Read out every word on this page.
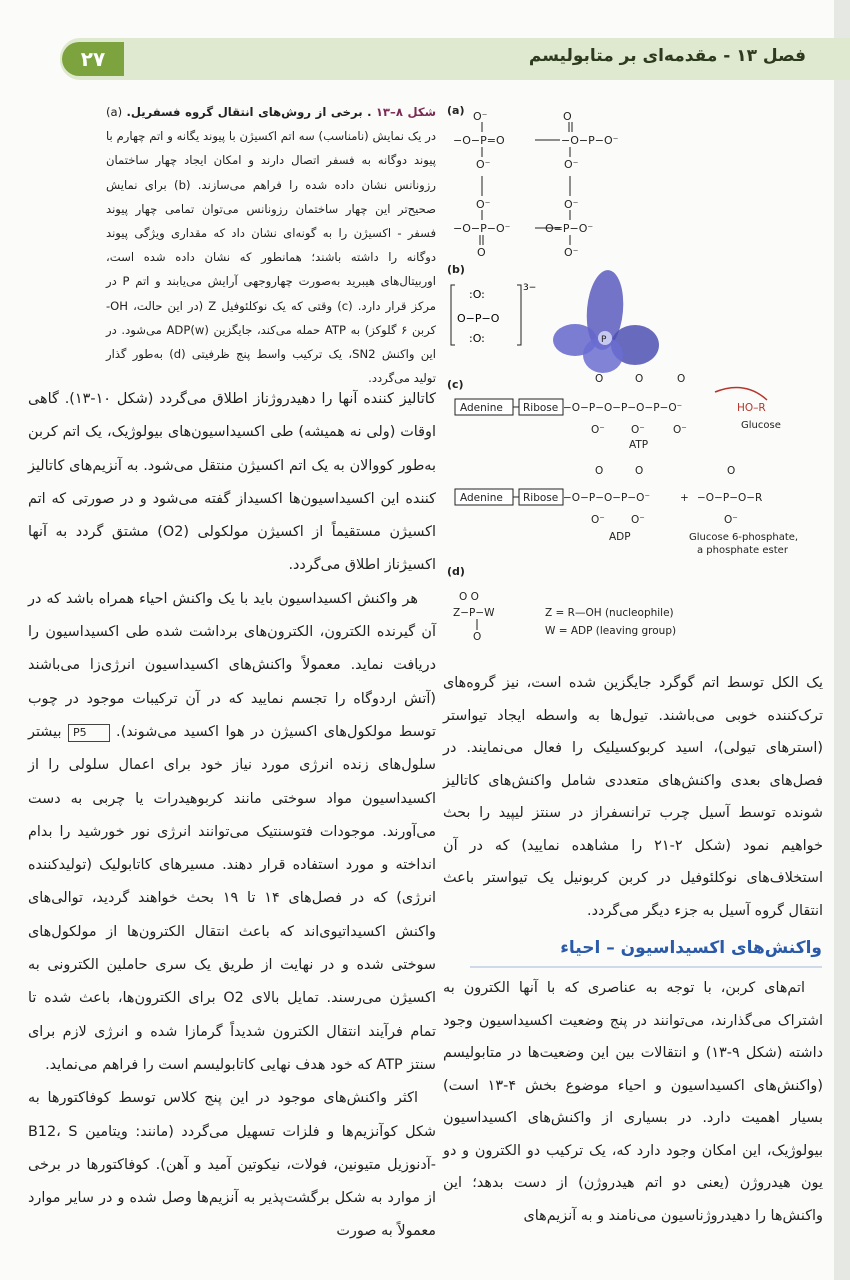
۲۷	فصل ۱۳ - مقدمه‌ای بر متابولیسم
شکل ۸–۱۳ . برخی از روش‌های انتقال گروه فسفریل. (a) در یک نمایش (نامناسب) سه اتم اکسیژن با پیوند یگانه و اتم چهارم با پیوند دوگانه به فسفر اتصال دارند و امکان ایجاد چهار ساختمان رزونانس نشان داده شده را فراهم می‌سازند. (b) برای نمایش صحیح‌تر این چهار ساختمان رزونانس می‌توان تمامی چهار پیوند فسفر - اکسیژن را به گونه‌ای نشان داد که مقداری ویژگی پیوند دوگانه را داشته باشند؛ همانطور که نشان داده شده است، اوربیتال‌های هیبرید به‌صورت چهاروجهی آرایش می‌یابند و اتم P در مرکز قرار دارد. (c) وقتی که یک نوکلئوفیل Z (در این حالت، ‎-OH‏ کربن ۶ گلوکز) به ATP حمله می‌کند، جایگزین ADP(w) می‌شود. در این واکنش SN2، یک ترکیب واسط پنج ظرفیتی (d) به‌طور گذار تولید می‌گردد.

کاتالیز کننده آنها را دهیدروژناز اطلاق می‌گردد (شکل ۱۰-۱۳). گاهی اوقات (ولی نه همیشه) طی اکسیداسیون‌های بیولوژیک، یک اتم کربن به‌طور کووالان به یک اتم اکسیژن منتقل می‌شود. به آنزیم‌های کاتالیز کننده این اکسیداسیون‌ها اکسیداز گفته می‌شود و در صورتی که اتم اکسیژن مستقیماً از اکسیژن مولکولی (O2) مشتق گردد به آنها اکسیژناز اطلاق می‌گردد.

هر واکنش اکسیداسیون باید با یک واکنش احیاء همراه باشد که در آن گیرنده الکترون، الکترون‌های برداشت شده طی اکسیداسیون را دریافت نماید. معمولاً واکنش‌های اکسیداسیون انرژی‌زا می‌باشند (آتش اردوگاه را تجسم نمایید که در آن ترکیبات موجود در چوب توسط مولکول‌های اکسیژن در هوا اکسید می‌شوند). P5 بیشتر سلول‌های زنده انرژی مورد نیاز خود برای اعمال سلولی را از اکسیداسیون مواد سوختی مانند کربوهیدرات یا چربی به دست می‌آورند. موجودات فتوسنتیک می‌توانند انرژی نور خورشید را بدام انداخته و مورد استفاده قرار دهند. مسیرهای کاتابولیک (تولیدکننده انرژی) که در فصل‌های ۱۴ تا ۱۹ بحث خواهند گردید، توالی‌های واکنش اکسیداتیوی‌اند که باعث انتقال الکترون‌ها از مولکول‌های سوختی شده و در نهایت از طریق یک سری حاملین الکترونی به اکسیژن می‌رسند. تمایل بالای O2 برای الکترون‌ها، باعث شده تا تمام فرآیند انتقال الکترون شدیداً گرمازا شده و انرژی لازم برای سنتز ATP که خود هدف نهایی کاتابولیسم است را فراهم می‌نماید.

اکثر واکنش‌های موجود در این پنج کلاس توسط کوفاکتورها به شکل کوآنزیم‌ها و فلزات تسهیل می‌گردد (مانند: ویتامین B12، S -آدنوزیل متیونین، فولات، نیکوتین آمید و آهن). کوفاکتورها در برخی از موارد به شکل برگشت‌پذیر به آنزیم‌ها وصل شده و در سایر موارد معمولاً به صورت

یک الکل توسط اتم گوگرد جایگزین شده است، نیز گروه‌های ترک‌کننده خوبی می‌باشند. تیول‌ها به واسطه ایجاد تیواستر (استرهای تیولی)، اسید کربوکسیلیک را فعال می‌نمایند. در فصل‌های بعدی واکنش‌های متعددی شامل واکنش‌های کاتالیز شونده توسط آسیل چرب ترانسفراز در سنتز لیپید را بحث خواهیم نمود (شکل ۲-۲۱ را مشاهده نمایید) که در آن استخلاف‌های نوکلئوفیل در کربن کربونیل یک تیواستر باعث انتقال گروه آسیل به جزء دیگر می‌گردد.

واکنش‌های اکسیداسیون – احیاء

اتم‌های کربن، با توجه به عناصری که با آنها الکترون به اشتراک می‌گذارند، می‌توانند در پنج وضعیت اکسیداسیون وجود داشته (شکل ۹-۱۳) و انتقالات بین این وضعیت‌ها در متابولیسم (واکنش‌های اکسیداسیون و احیاء موضوع بخش ۴-۱۳ است) بسیار اهمیت دارد. در بسیاری از واکنش‌های اکسیداسیون بیولوژیک، این امکان وجود دارد که، یک ترکیب دو الکترون و دو یون هیدروژن (یعنی دو اتم هیدروژن) از دست بدهد؛ این واکنش‌ها را دهیدروژناسیون می‌نامند و به آنزیم‌های

(a)
(b)
(c)
(d)
O⁻
−O−P=O
O⁻
O
−O−P−O⁻
O⁻
O⁻
−O−P−O⁻
O
O⁻
O=P−O⁻
O⁻
:O:
O−P−O
:O:
3−
P
Adenine Ribose −O−P−O−P−O−P−O⁻
O	O	O
O⁻ O⁻	O⁻
HO–R
Glucose
ATP
Adenine Ribose −O−P−O−P−O⁻
O	O
O⁻ O⁻
+ −O−P−O−R
O
O⁻
ADP	Glucose 6-phosphate,
a phosphate ester
O O
Z−P−W
O
Z = R—OH (nucleophile)
W = ADP (leaving group)
